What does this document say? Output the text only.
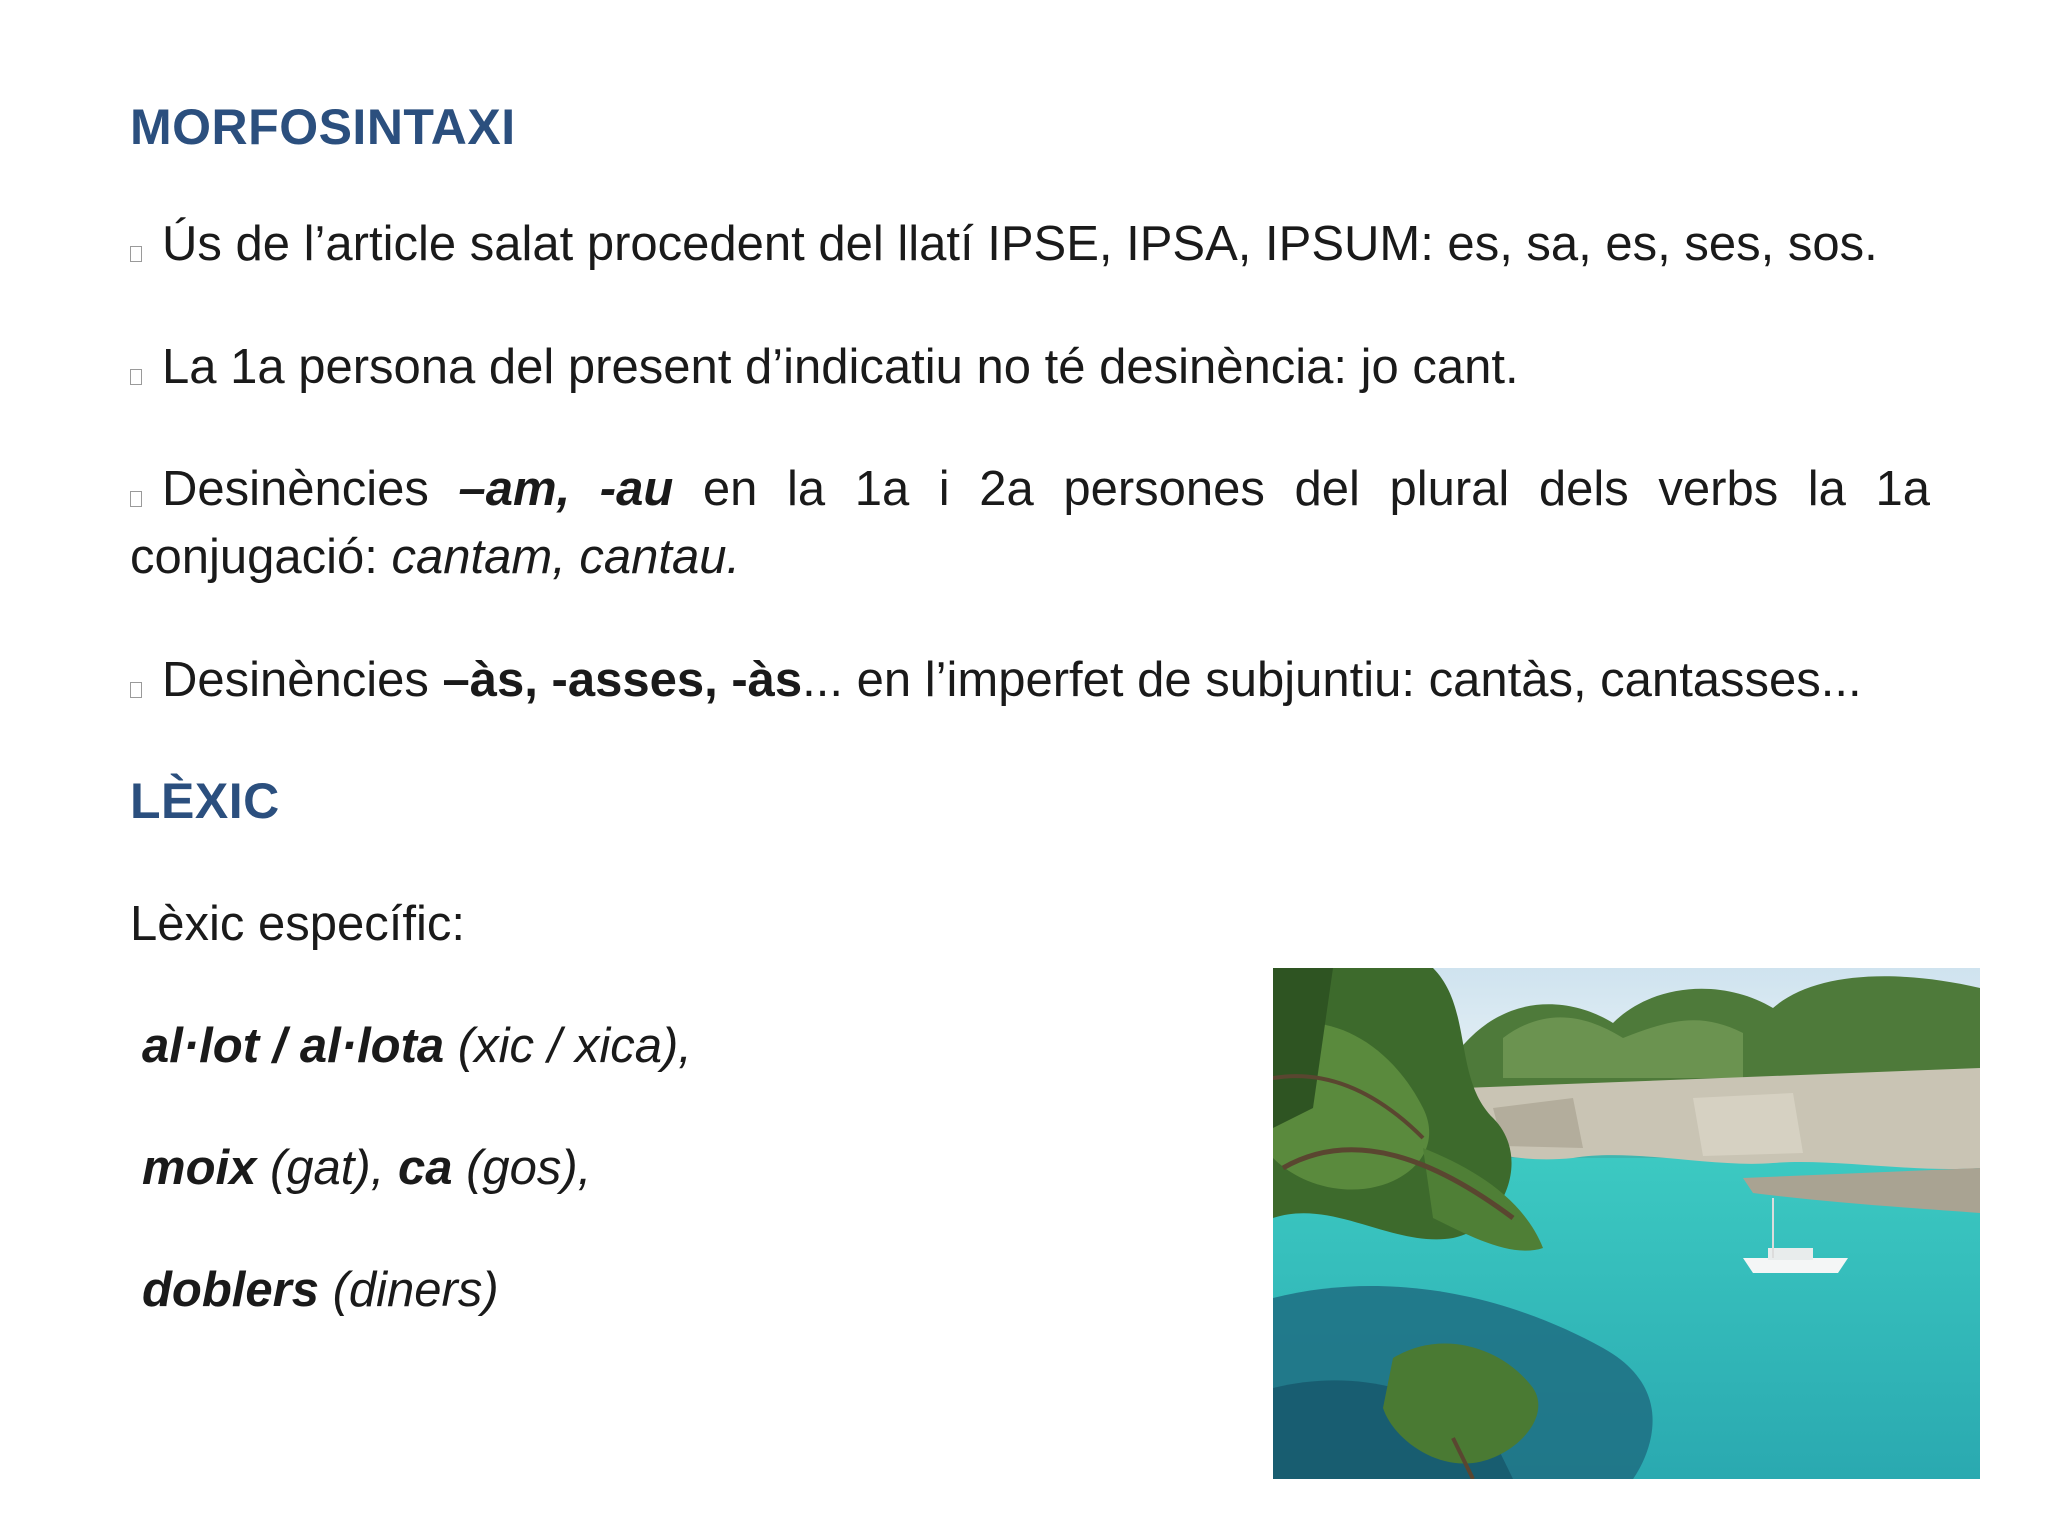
MORFOSINTAXI

Ús de l’article salat procedent del llatí IPSE, IPSA, IPSUM: es, sa, es, ses, sos.

La 1a persona del present d’indicatiu no té desinència: jo cant.

Desinències –am, -au en la 1a i 2a persones del plural dels verbs la 1a conjugació: cantam, cantau.

Desinències –às, -asses, -às... en l’imperfet de subjuntiu: cantàs, cantasses...

LÈXIC

Lèxic específic:

al·lot / al·lota (xic / xica),

moix (gat), ca (gos),

doblers (diners)
